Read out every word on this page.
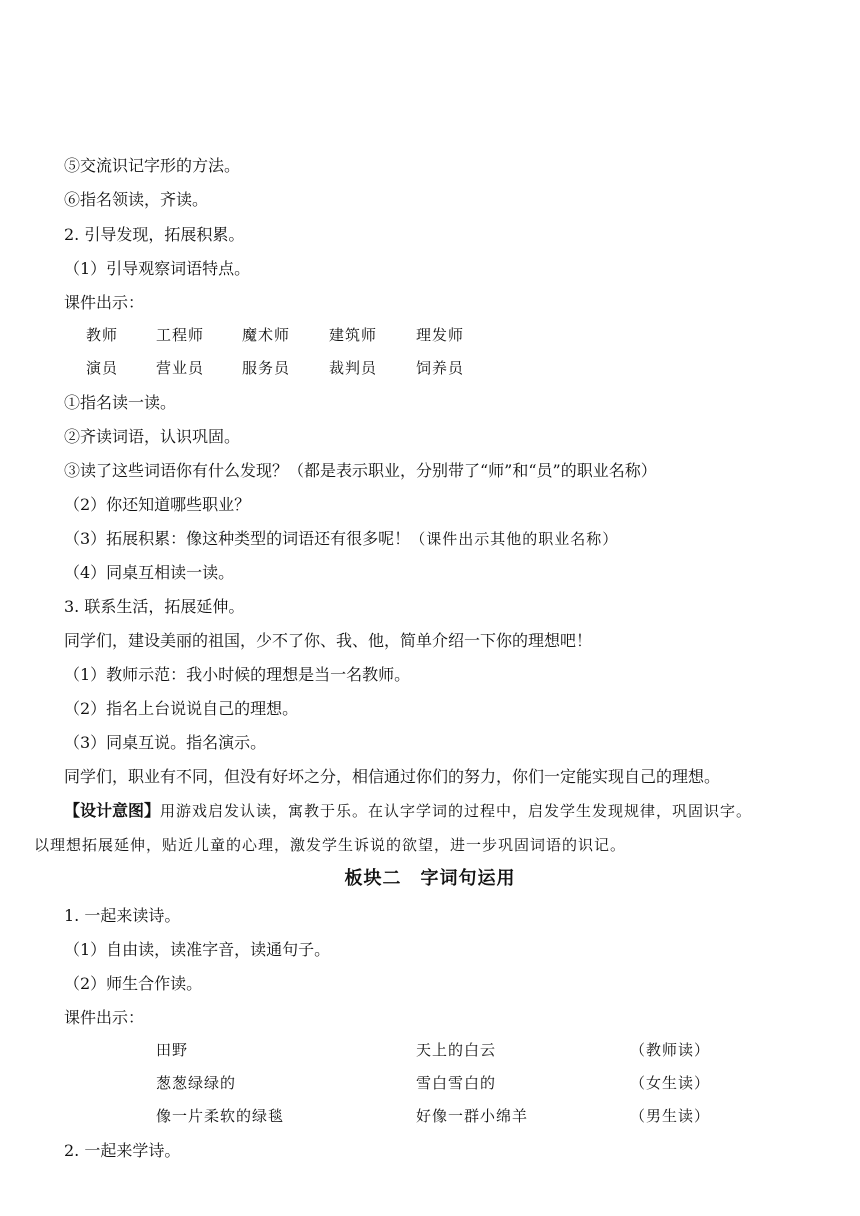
⑤交流识记字形的方法。
⑥指名领读，齐读。
2. 引导发现，拓展积累。
（1）引导观察词语特点。
课件出示：
教师	工程师	魔术师	建筑师	理发师
演员	营业员	服务员	裁判员	饲养员
①指名读一读。
②齐读词语，认识巩固。
③读了这些词语你有什么发现？（都是表示职业，分别带了“师”和“员”的职业名称）
（2）你还知道哪些职业？
（3）拓展积累：像这种类型的词语还有很多呢！（课件出示其他的职业名称）
（4）同桌互相读一读。
3. 联系生活，拓展延伸。
同学们，建设美丽的祖国，少不了你、我、他，简单介绍一下你的理想吧！
（1）教师示范：我小时候的理想是当一名教师。
（2）指名上台说说自己的理想。
（3）同桌互说。指名演示。
同学们，职业有不同，但没有好坏之分，相信通过你们的努力，你们一定能实现自己的理想。
【设计意图】用游戏启发认读，寓教于乐。在认字学词的过程中，启发学生发现规律，巩固识字。
以理想拓展延伸，贴近儿童的心理，激发学生诉说的欲望，进一步巩固词语的识记。
板块二　字词句运用
1. 一起来读诗。
（1）自由读，读准字音，读通句子。
（2）师生合作读。
课件出示：
田野	天上的白云	（教师读）
葱葱绿绿的	雪白雪白的	（女生读）
像一片柔软的绿毯	好像一群小绵羊	（男生读）
2. 一起来学诗。
